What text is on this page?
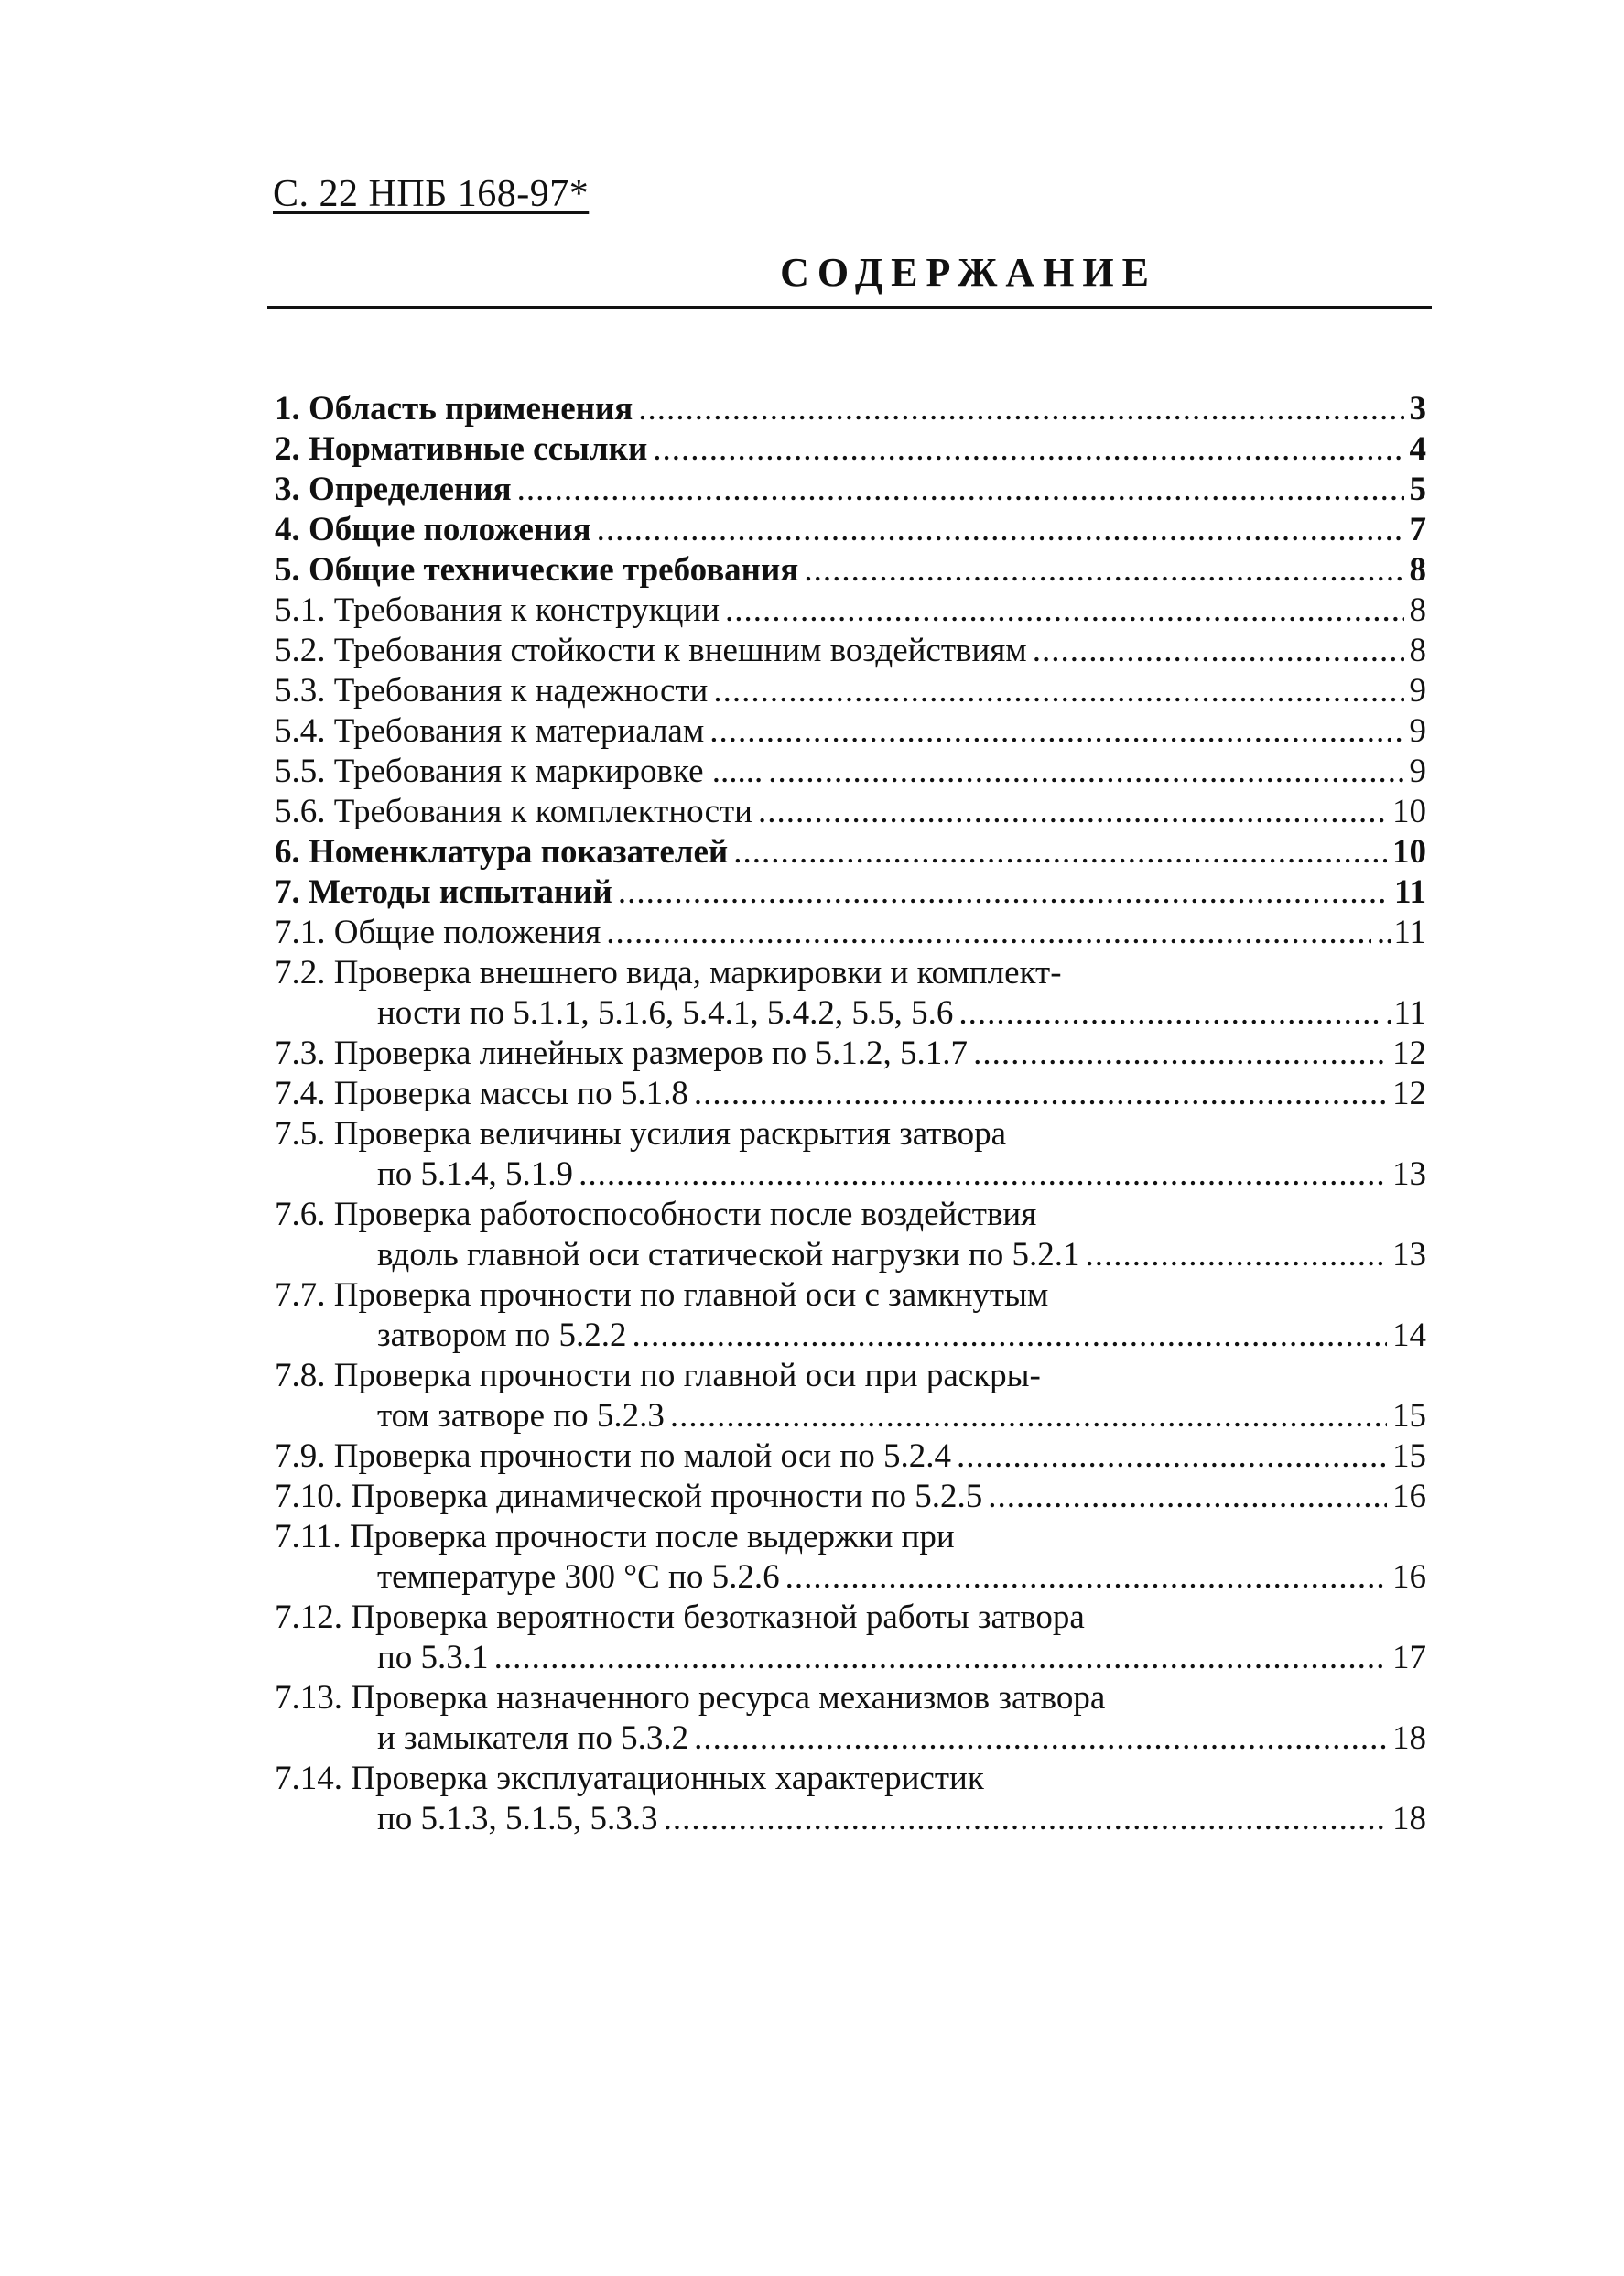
С. 22 НПБ 168-97*
СОДЕРЖАНИЕ
1. Область применения .....	3
2. Нормативные ссылки .....	4
3. Определения .....	5
4. Общие положения .....	7
5. Общие технические требования .....	8
5.1. Требования к конструкции .....	8
5.2. Требования стойкости к внешним воздействиям .....	8
5.3. Требования к надежности .....	9
5.4. Требования к материалам .....	9
5.5. Требования к маркировке ...... .....	9
5.6. Требования к комплектности .....	10
6. Номенклатура показателей .....	10
7. Методы испытаний .....	11
7.1. Общие положения .....	..11
7.2. Проверка внешнего вида, маркировки и комплект-
ности по 5.1.1, 5.1.6, 5.4.1, 5.4.2, 5.5, 5.6 .....	.11
7.3. Проверка линейных размеров по 5.1.2, 5.1.7 .....	12
7.4. Проверка массы по 5.1.8 .....	12
7.5. Проверка величины усилия раскрытия затвора
по 5.1.4, 5.1.9 .....	13
7.6. Проверка работоспособности после воздействия
вдоль главной оси статической нагрузки по 5.2.1 .....	13
7.7. Проверка прочности по главной оси с замкнутым
затвором по 5.2.2 .....	14
7.8. Проверка прочности по главной оси при раскры-
том затворе по 5.2.3 .....	15
7.9. Проверка прочности по малой оси по 5.2.4 .....	15
7.10. Проверка динамической прочности по 5.2.5 .....	16
7.11. Проверка прочности после выдержки при
температуре 300 °С по 5.2.6 .....	16
7.12. Проверка вероятности безотказной работы затвора
по 5.3.1 .....	17
7.13. Проверка назначенного ресурса механизмов затвора
и замыкателя по 5.3.2 .....	18
7.14. Проверка эксплуатационных характеристик
по 5.1.3, 5.1.5, 5.3.3 .....	18
